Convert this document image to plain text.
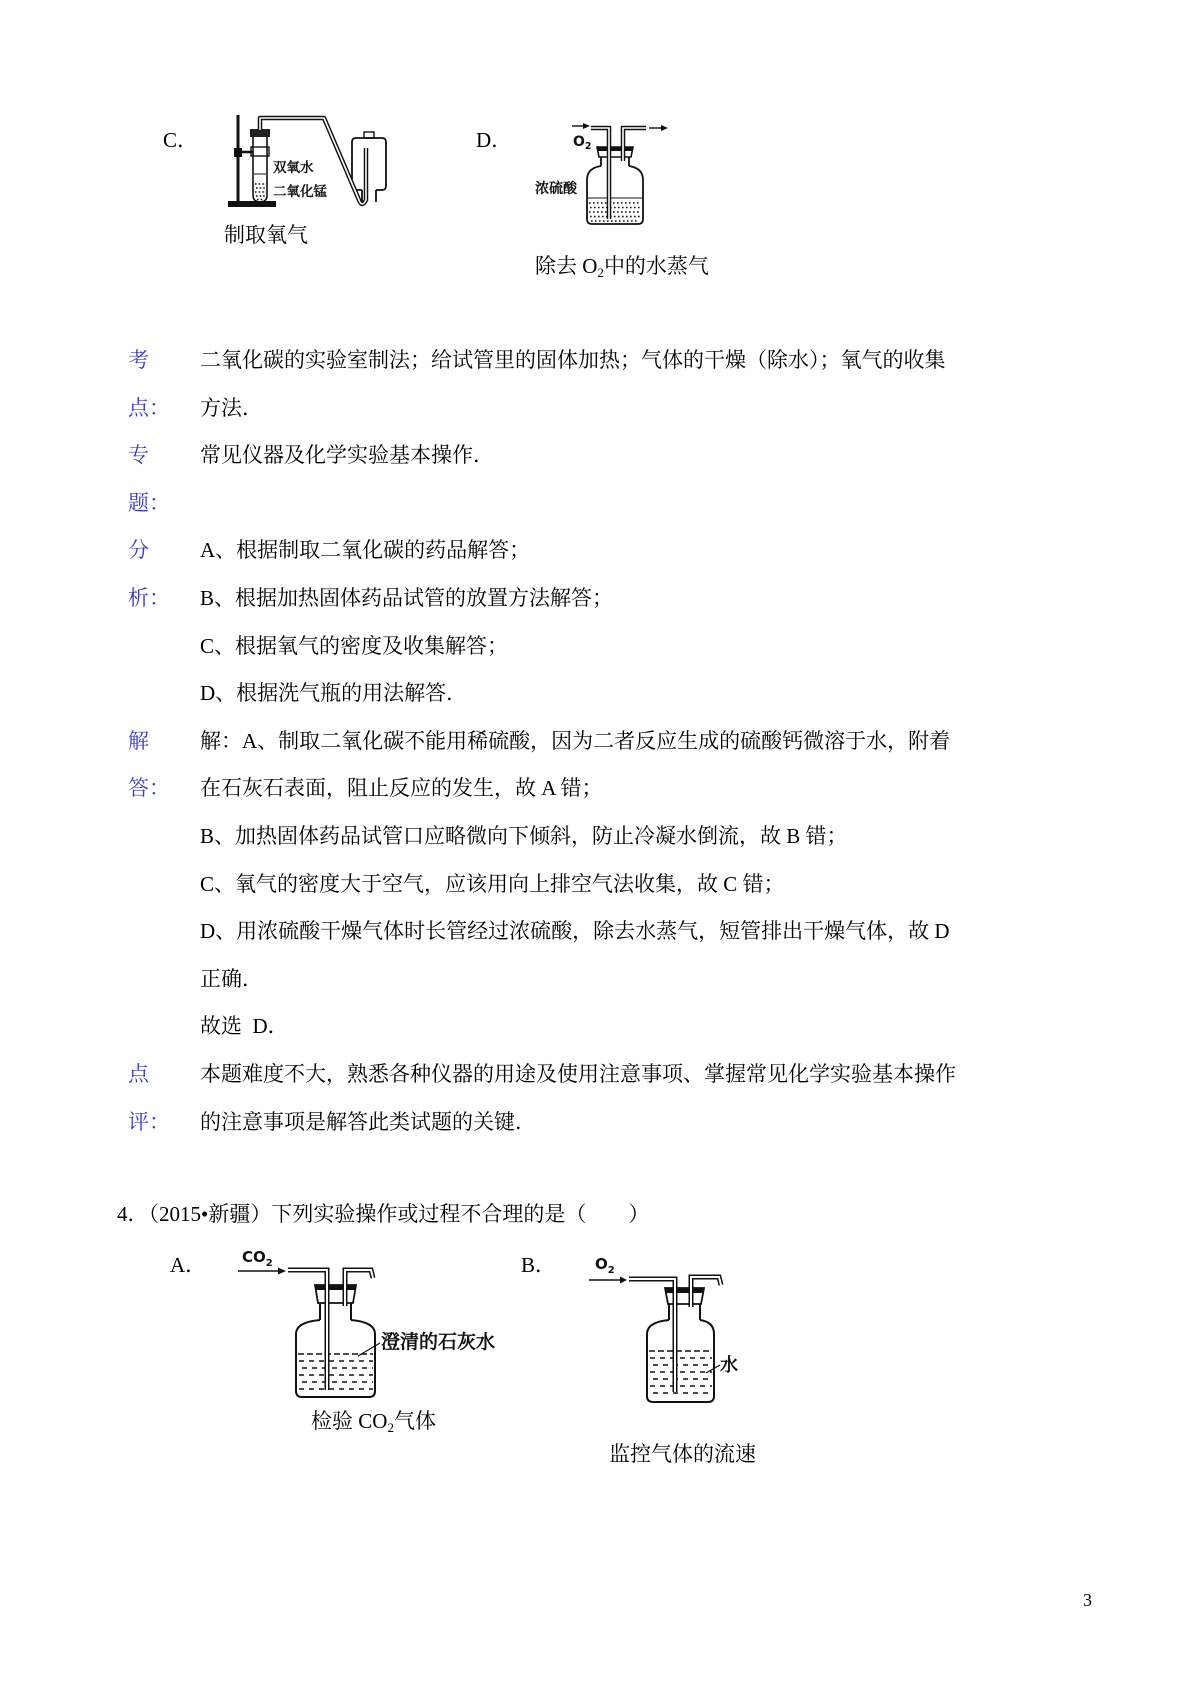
C．
双氧水
二氧化锰
制取氧气
D．	$O_2$
浓硫酸
除去 $O_2$中的水蒸气
考
点：
二氧化碳的实验室制法；给试管里的固体加热；气体的干燥（除水）；氧气的收集
方法．
专
题：
常见仪器及化学实验基本操作．
分
析：
A、根据制取二氧化碳的药品解答；
B、根据加热固体药品试管的放置方法解答；
C、根据氧气的密度及收集解答；
D、根据洗气瓶的用法解答．
解
答：
解：A、制取二氧化碳不能用稀硫酸，因为二者反应生成的硫酸钙微溶于水，附着
在石灰石表面，阻止反应的发生，故 A 错；
B、加热固体药品试管口应略微向下倾斜，防止冷凝水倒流，故 B 错；
C、氧气的密度大于空气，应该用向上排空气法收集，故 C 错；
D、用浓硫酸干燥气体时长管经过浓硫酸，除去水蒸气，短管排出干燥气体，故 D
正确．
故选  D．
点
评：
本题难度不大，熟悉各种仪器的用途及使用注意事项、掌握常见化学实验基本操作
的注意事项是解答此类试题的关键．
4．（2015•新疆）下列实验操作或过程不合理的是（　　）
A． $CO_2$
澄清的石灰水
检验 $CO_2$气体
B．	$O_2$
水
监控气体的流速
3
